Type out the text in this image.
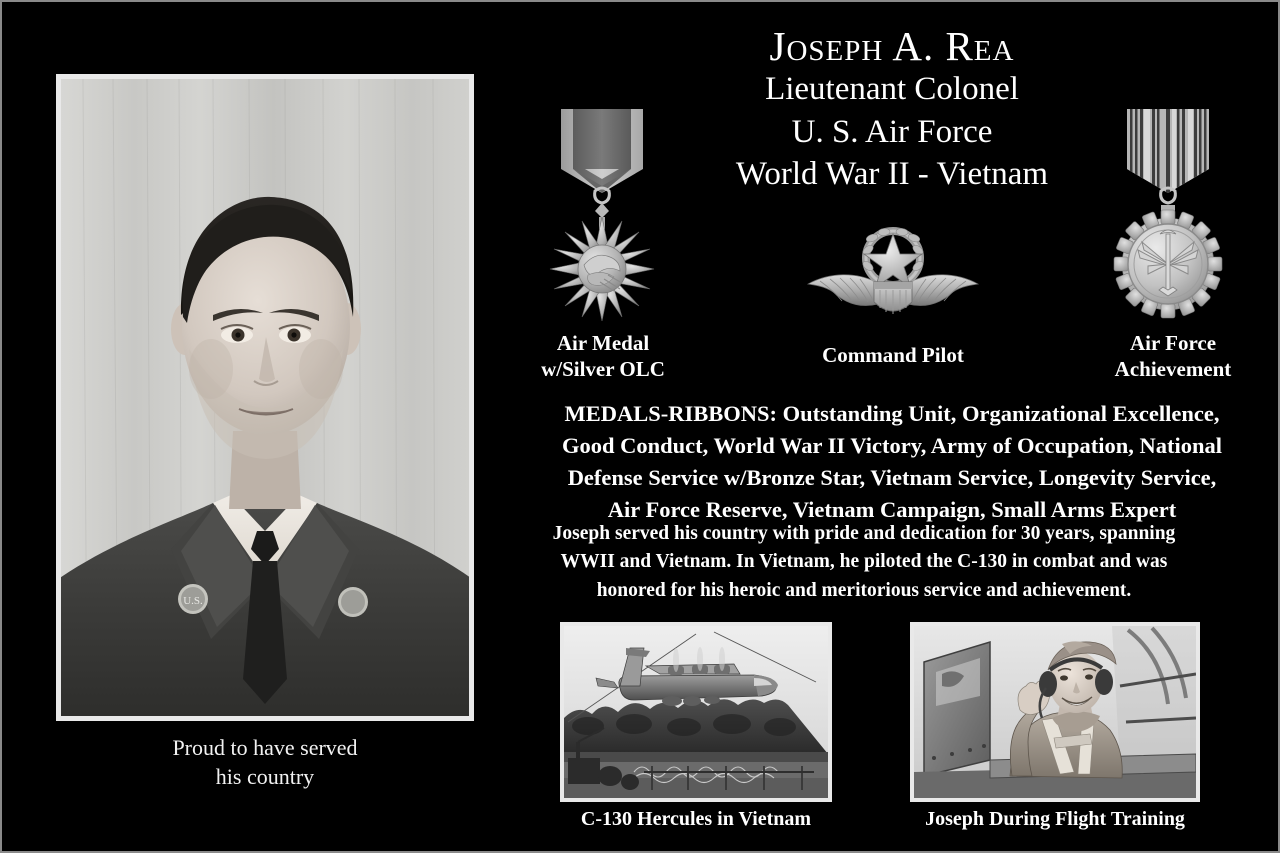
U.S.
Proud to have served
his country
Joseph A. Rea
Lieutenant Colonel
U. S. Air Force
World War II - Vietnam
Air Medal
w/Silver OLC
Command Pilot	Air Force
Achievement
MEDALS-RIBBONS: Outstanding Unit, Organizational Excellence,
Good Conduct, World War II Victory, Army of Occupation, National
Defense Service w/Bronze Star, Vietnam Service, Longevity Service,
Air Force Reserve, Vietnam Campaign, Small Arms Expert
Joseph served his country with pride and dedication for 30 years, spanning
WWII and Vietnam. In Vietnam, he piloted the C-130 in combat and was
honored for his heroic and meritorious service and achievement.
C-130 Hercules in Vietnam	Joseph During Flight Training
